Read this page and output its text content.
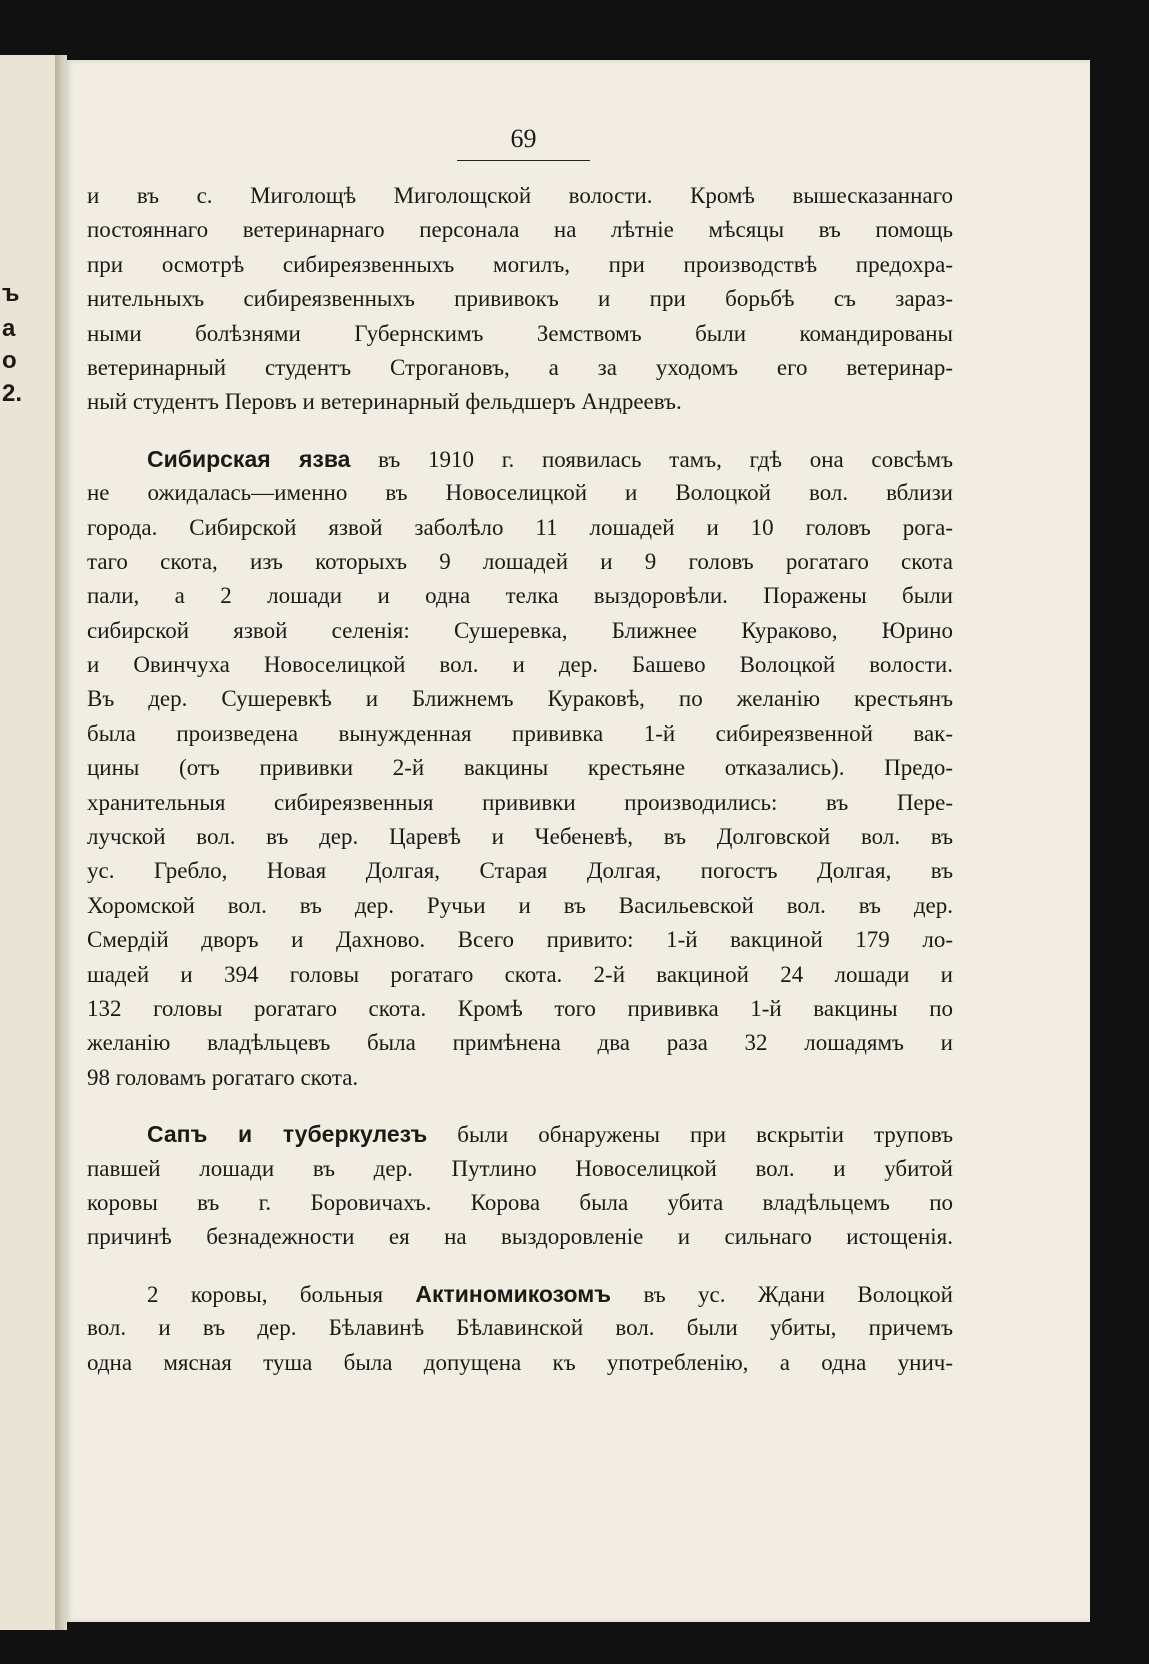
ъ
а
о
2.
69
и въ с. Миголощѣ Миголощской волости. Кромѣ вышесказаннаго
постояннаго ветеринарнаго персонала на лѣтніе мѣсяцы въ помощь
при осмотрѣ сибиреязвенныхъ могилъ, при производствѣ предохра-
нительныхъ сибиреязвенныхъ прививокъ и при борьбѣ съ зараз-
ными болѣзнями Губернскимъ Земствомъ были командированы
ветеринарный студентъ Строгановъ, а за уходомъ его ветеринар-
ный студентъ Перовъ и ветеринарный фельдшеръ Андреевъ.
Сибирская язва въ 1910 г. появилась тамъ, гдѣ она совсѣмъ
не ожидалась—именно въ Новоселицкой и Волоцкой вол. вблизи
города. Сибирской язвой заболѣло 11 лошадей и 10 головъ рога-
таго скота, изъ которыхъ 9 лошадей и 9 головъ рогатаго скота
пали, а 2 лошади и одна телка выздоровѣли. Поражены были
сибирской язвой селенія: Сушеревка, Ближнее Кураково, Юрино
и Овинчуха Новоселицкой вол. и дер. Башево Волоцкой волости.
Въ дер. Сушеревкѣ и Ближнемъ Кураковѣ, по желанію крестьянъ
была произведена вынужденная прививка 1-й сибиреязвенной вак-
цины (отъ прививки 2-й вакцины крестьяне отказались). Предо-
хранительныя сибиреязвенныя прививки производились: въ Пере-
лучской вол. въ дер. Царевѣ и Чебеневѣ, въ Долговской вол. въ
ус. Гребло, Новая Долгая, Старая Долгая, погостъ Долгая, въ
Хоромской вол. въ дер. Ручьи и въ Васильевской вол. въ дер.
Смердій дворъ и Дахново. Всего привито: 1-й вакциной 179 ло-
шадей и 394 головы рогатаго скота. 2-й вакциной 24 лошади и
132 головы рогатаго скота. Кромѣ того прививка 1-й вакцины по
желанію владѣльцевъ была примѣнена два раза 32 лошадямъ и
98 головамъ рогатаго скота.
Сапъ и туберкулезъ были обнаружены при вскрытіи труповъ
павшей лошади въ дер. Путлино Новоселицкой вол. и убитой
коровы въ г. Боровичахъ. Корова была убита владѣльцемъ по
причинѣ безнадежности ея на выздоровленіе и сильнаго истощенія.
2 коровы, больныя Актиномикозомъ въ ус. Ждани Волоцкой
вол. и въ дер. Бѣлавинѣ Бѣлавинской вол. были убиты, причемъ
одна мясная туша была допущена къ употребленію, а одна унич-
